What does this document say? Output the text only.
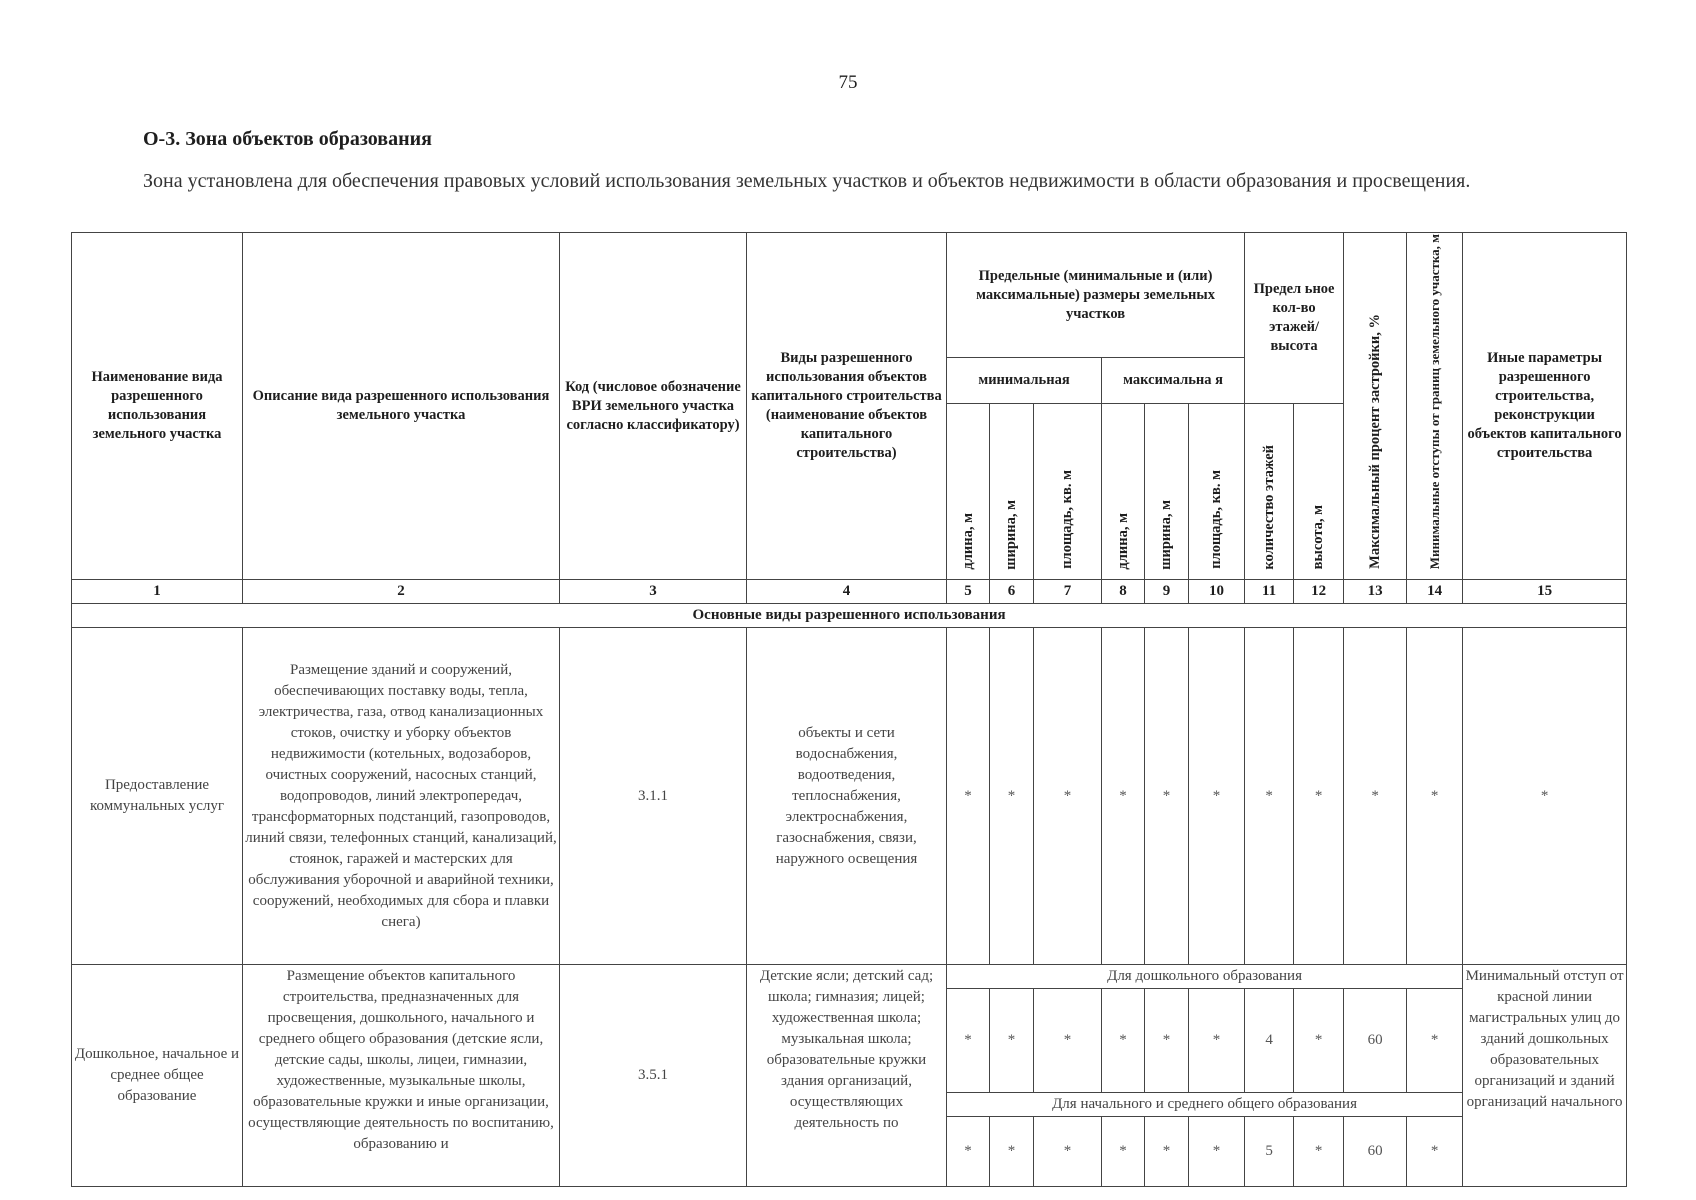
75
О-3. Зона объектов образования
Зона установлена для обеспечения правовых условий использования земельных участков и объектов недвижимости в области образования и просвещения.
Наименование вида разрешенного использования земельного участка	Описание вида разрешенного использования земельного участка	Код (числовое обозначение ВРИ земельного участка согласно классификатору)	Виды разрешенного использования объектов капитального строительства (наименование объектов капитального строительства)	Предельные (минимальные и (или) максимальные) размеры земельных участков						Предел ьное кол-во этажей/ высота		Максимальный процент застройки, %	Минимальные отступы от границ земельного участка, м	Иные параметры разрешенного строительства, реконструкции объектов капитального строительства
				минимальная			максимальна я							
				длина, м	ширина, м	площадь, кв. м	длина, м	ширина, м	площадь, кв. м	количество этажей	высота, м			
1	2	3	4	5	6	7	8	9	10	11	12	13	14	15
Основные виды разрешенного использования														
Предоставление коммунальных услуг	Размещение зданий и сооружений, обеспечивающих поставку воды, тепла, электричества, газа, отвод канализационных стоков, очистку и уборку объектов недвижимости (котельных, водозаборов, очистных сооружений, насосных станций, водопроводов, линий электропередач, трансформаторных подстанций, газопроводов, линий связи, телефонных станций, канализаций, стоянок, гаражей и мастерских для обслуживания уборочной и аварийной техники, сооружений, необходимых для сбора и плавки снега)	3.1.1	объекты и сети водоснабжения, водоотведения, теплоснабжения, электроснабжения, газоснабжения, связи, наружного освещения	*	*	*	*	*	*	*	*	*	*	*
Дошкольное, начальное и среднее общее образование	Размещение объектов капитального строительства, предназначенных для просвещения, дошкольного, начального и среднего общего образования (детские ясли, детские сады, школы, лицеи, гимназии, художественные, музыкальные школы, образовательные кружки и иные организации, осуществляющие деятельность по воспитанию, образованию и	3.5.1	Детские ясли; детский сад; школа; гимназия; лицей; художественная школа; музыкальная школа; образовательные кружки здания организаций, осуществляющих деятельность по	Для дошкольного образования										Минимальный отступ от красной линии магистральных улиц до зданий дошкольных образовательных организаций и зданий организаций начального
				*	*	*	*	*	*	4	*	60	*	
				Для начального и среднего общего образования										
				*	*	*	*	*	*	5	*	60	*	
